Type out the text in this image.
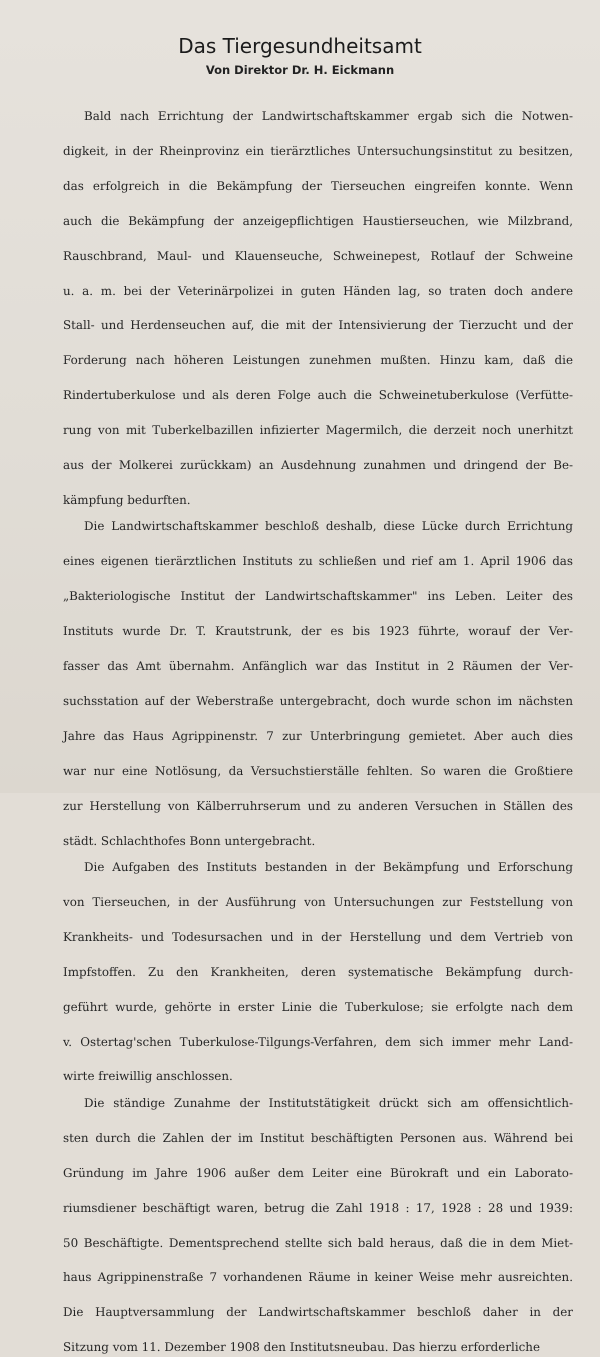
Das Tiergesundheitsamt
Von Direktor Dr. H. Eickmann
Bald nach Errichtung der Landwirtschaftskammer ergab sich die Notwen-
digkeit, in der Rheinprovinz ein tierärztliches Untersuchungsinstitut zu besitzen,
das erfolgreich in die Bekämpfung der Tierseuchen eingreifen konnte. Wenn
auch die Bekämpfung der anzeigepflichtigen Haustierseuchen, wie Milzbrand,
Rauschbrand, Maul- und Klauenseuche, Schweinepest, Rotlauf der Schweine
u. a. m. bei der Veterinärpolizei in guten Händen lag, so traten doch andere
Stall- und Herdenseuchen auf, die mit der Intensivierung der Tierzucht und der
Forderung nach höheren Leistungen zunehmen mußten. Hinzu kam, daß die
Rindertuberkulose und als deren Folge auch die Schweinetuberkulose (Verfütte-
rung von mit Tuberkelbazillen infizierter Magermilch, die derzeit noch unerhitzt
aus der Molkerei zurückkam) an Ausdehnung zunahmen und dringend der Be-
kämpfung bedurften.
Die Landwirtschaftskammer beschloß deshalb, diese Lücke durch Errichtung
eines eigenen tierärztlichen Instituts zu schließen und rief am 1. April 1906 das
„Bakteriologische Institut der Landwirtschaftskammer" ins Leben. Leiter des
Instituts wurde Dr. T. Krautstrunk, der es bis 1923 führte, worauf der Ver-
fasser das Amt übernahm. Anfänglich war das Institut in 2 Räumen der Ver-
suchsstation auf der Weberstraße untergebracht, doch wurde schon im nächsten
Jahre das Haus Agrippinenstr. 7 zur Unterbringung gemietet. Aber auch dies
war nur eine Notlösung, da Versuchstierställe fehlten. So waren die Großtiere
zur Herstellung von Kälberruhrserum und zu anderen Versuchen in Ställen des
städt. Schlachthofes Bonn untergebracht.
Die Aufgaben des Instituts bestanden in der Bekämpfung und Erforschung
von Tierseuchen, in der Ausführung von Untersuchungen zur Feststellung von
Krankheits- und Todesursachen und in der Herstellung und dem Vertrieb von
Impfstoffen. Zu den Krankheiten, deren systematische Bekämpfung durch-
geführt wurde, gehörte in erster Linie die Tuberkulose; sie erfolgte nach dem
v. Ostertag'schen Tuberkulose-Tilgungs-Verfahren, dem sich immer mehr Land-
wirte freiwillig anschlossen.
Die ständige Zunahme der Institutstätigkeit drückt sich am offensichtlich-
sten durch die Zahlen der im Institut beschäftigten Personen aus. Während bei
Gründung im Jahre 1906 außer dem Leiter eine Bürokraft und ein Laborato-
riumsdiener beschäftigt waren, betrug die Zahl 1918 : 17, 1928 : 28 und 1939:
50 Beschäftigte. Dementsprechend stellte sich bald heraus, daß die in dem Miet-
haus Agrippinenstraße 7 vorhandenen Räume in keiner Weise mehr ausreichten.
Die Hauptversammlung der Landwirtschaftskammer beschloß daher in der
Sitzung vom 11. Dezember 1908 den Institutsneubau. Das hierzu erforderliche
